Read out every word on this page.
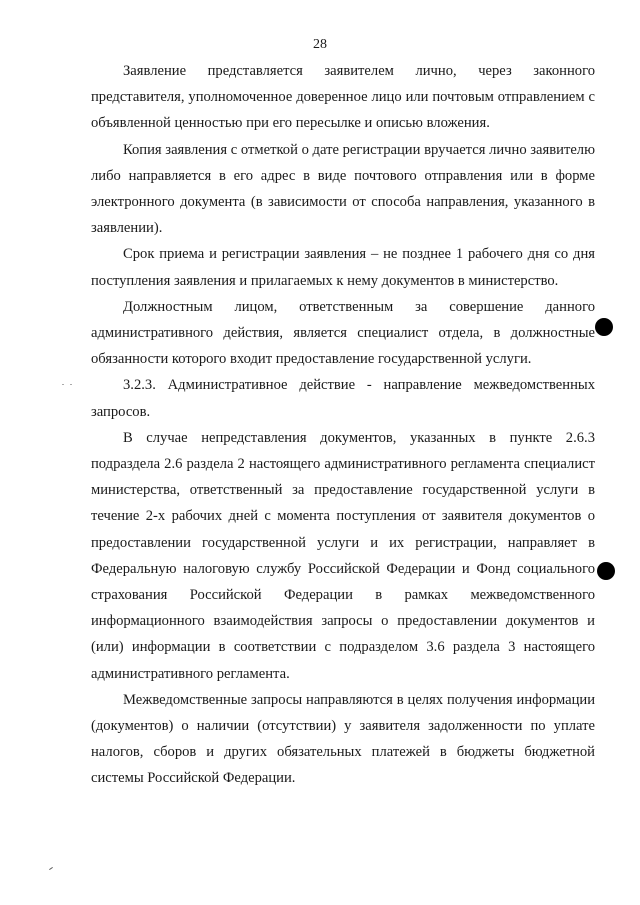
28

Заявление представляется заявителем лично, через законного представителя, уполномоченное доверенное лицо или почтовым отправлением с объявленной ценностью при его пересылке и описью вложения.

Копия заявления с отметкой о дате регистрации вручается лично заявителю либо направляется в его адрес в виде почтового отправления или в форме электронного документа (в зависимости от способа направления, указанного в заявлении).

Срок приема и регистрации заявления – не позднее 1 рабочего дня со дня поступления заявления и прилагаемых к нему документов в министерство.

Должностным лицом, ответственным за совершение данного административного действия, является специалист отдела, в должностные обязанности которого входит предоставление государственной услуги.

3.2.3. Административное действие - направление межведомственных запросов.

В случае непредставления документов, указанных в пункте 2.6.3 подраздела 2.6 раздела 2 настоящего административного регламента специалист министерства, ответственный за предоставление государственной услуги в течение 2-х рабочих дней с момента поступления от заявителя документов о предоставлении государственной услуги и их регистрации, направляет в Федеральную налоговую службу Российской Федерации и Фонд социального страхования Российской Федерации в рамках межведомственного информационного взаимодействия запросы о предоставлении документов и (или) информации в соответствии с подразделом 3.6 раздела 3 настоящего административного регламента.

Межведомственные запросы направляются в целях получения информации (документов) о наличии (отсутствии) у заявителя задолженности по уплате налогов, сборов и других обязательных платежей в бюджеты бюджетной системы Российской Федерации.
